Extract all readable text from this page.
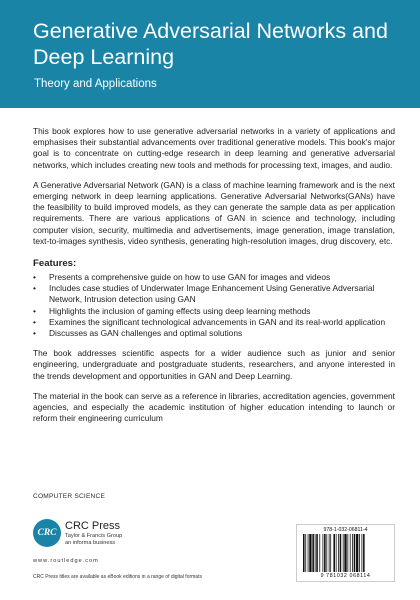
Generative Adversarial Networks and Deep Learning

Theory and Applications

This book explores how to use generative adversarial networks in a variety of applications and emphasises their substantial advancements over traditional generative models. This book's major goal is to concentrate on cutting-edge research in deep learning and generative adversarial networks, which includes creating new tools and methods for processing text, images, and audio.

A Generative Adversarial Network (GAN) is a class of machine learning framework and is the next emerging network in deep learning applications. Generative Adversarial Networks(GANs) have the feasibility to build improved models, as they can generate the sample data as per application requirements. There are various applications of GAN in science and technology, including computer vision, security, multimedia and advertisements, image generation, image translation, text-to-images synthesis, video synthesis, generating high-resolution images, drug discovery, etc.

Features:
• Presents a comprehensive guide on how to use GAN for images and videos
• Includes case studies of Underwater Image Enhancement Using Generative Adversarial Network, Intrusion detection using GAN
• Highlights the inclusion of gaming effects using deep learning methods
• Examines the significant technological advancements in GAN and its real-world application
• Discusses as GAN challenges and optimal solutions

The book addresses scientific aspects for a wider audience such as junior and senior engineering, undergraduate and postgraduate students, researchers, and anyone interested in the trends development and opportunities in GAN and Deep Learning.

The material in the book can serve as a reference in libraries, accreditation agencies, government agencies, and especially the academic institution of higher education intending to launch or reform their engineering curriculum

COMPUTER SCIENCE
CRC
CRC Press
Taylor & Francis Group
an informa business
www.routledge.com
CRC Press titles are available as eBook editions in a range of digital formats
978-1-032-06811-4
9 781032 068114
